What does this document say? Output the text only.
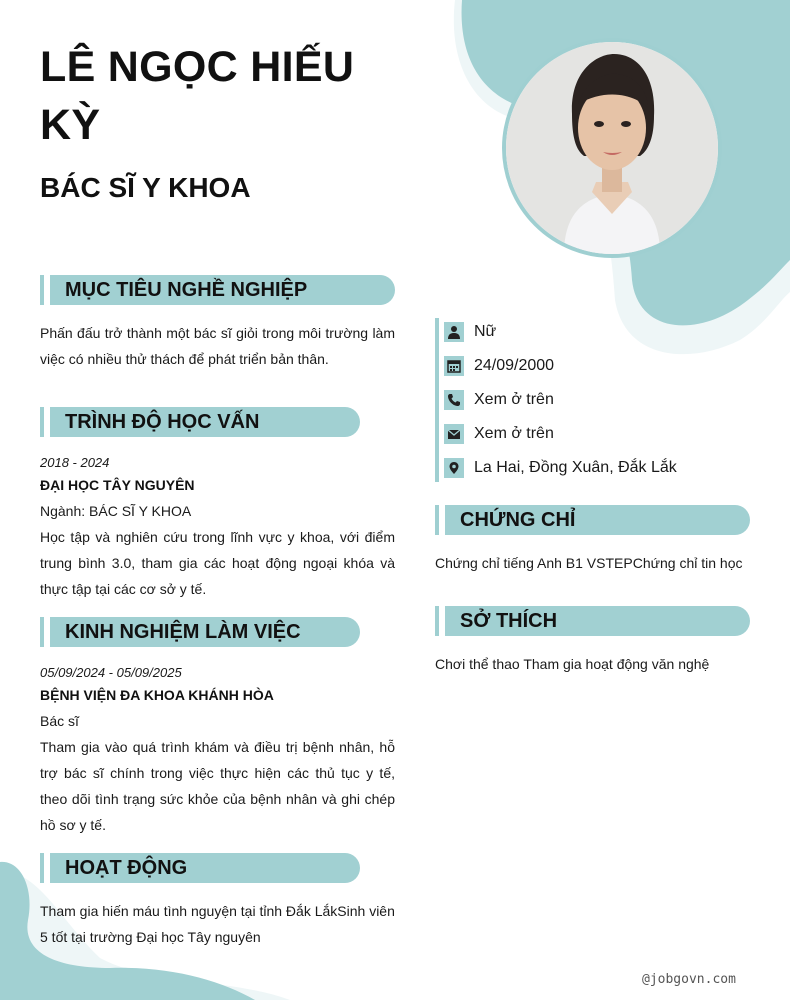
LÊ NGỌC HIẾU KỲ
BÁC SĨ Y KHOA
MỤC TIÊU NGHỀ NGHIỆP

Phấn đấu trở thành một bác sĩ giỏi trong môi trường làm việc có nhiều thử thách để phát triển bản thân.

TRÌNH ĐỘ HỌC VẤN
2018 - 2024
ĐẠI HỌC TÂY NGUYÊN
Ngành: BÁC SĨ Y KHOA

Học tập và nghiên cứu trong lĩnh vực y khoa, với điểm trung bình 3.0, tham gia các hoạt động ngoại khóa và thực tập tại các cơ sở y tế.

KINH NGHIỆM LÀM VIỆC
05/09/2024 - 05/09/2025
BỆNH VIỆN ĐA KHOA KHÁNH HÒA
Bác sĩ

Tham gia vào quá trình khám và điều trị bệnh nhân, hỗ trợ bác sĩ chính trong việc thực hiện các thủ tục y tế, theo dõi tình trạng sức khỏe của bệnh nhân và ghi chép hồ sơ y tế.

HOẠT ĐỘNG

Tham gia hiến máu tình nguyện tại tỉnh Đắk LắkSinh viên 5 tốt tại trường Đại học Tây nguyên

Nữ
24/09/2000
Xem ở trên
Xem ở trên
La Hai, Đồng Xuân, Đắk Lắk
CHỨNG CHỈ

Chứng chỉ tiếng Anh B1 VSTEPChứng chỉ tin học

SỞ THÍCH

Chơi thể thao Tham gia hoạt động văn nghệ

@jobgovn.com
